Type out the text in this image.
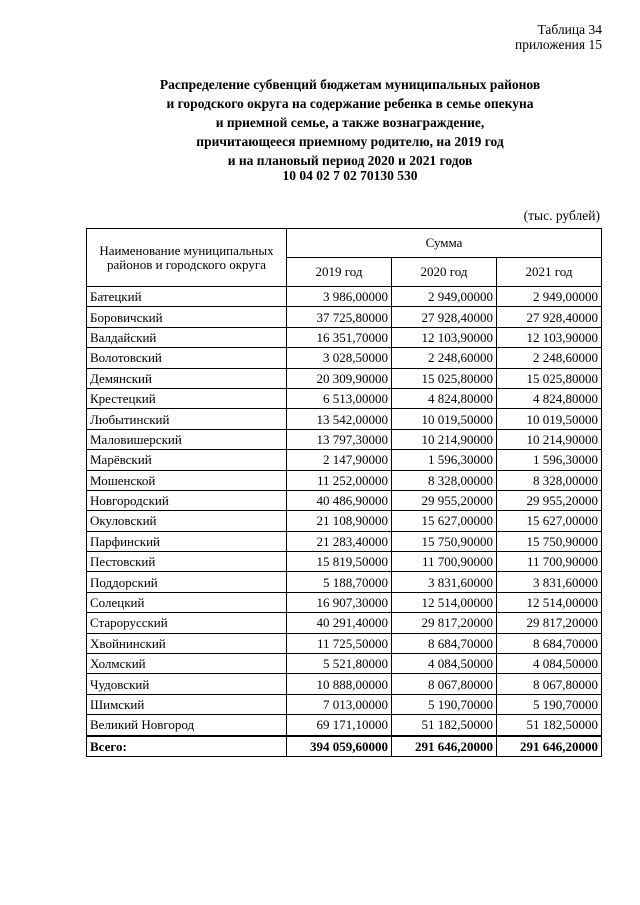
Таблица 34
приложения 15
Распределение субвенций бюджетам муниципальных районов
и городского округа на содержание ребенка в семье опекуна
и приемной семье, а также вознаграждение,
причитающееся приемному родителю, на 2019 год
и на плановый период 2020 и 2021 годов
10 04 02 7 02 70130 530
(тыс. рублей)
Наименование муниципальных районов и городского округа	Сумма		
	2019 год	2020 год	2021 год
Батецкий	3 986,00000	2 949,00000	2 949,00000
Боровичский	37 725,80000	27 928,40000	27 928,40000
Валдайский	16 351,70000	12 103,90000	12 103,90000
Волотовский	3 028,50000	2 248,60000	2 248,60000
Демянский	20 309,90000	15 025,80000	15 025,80000
Крестецкий	6 513,00000	4 824,80000	4 824,80000
Любытинский	13 542,00000	10 019,50000	10 019,50000
Маловишерский	13 797,30000	10 214,90000	10 214,90000
Марёвский	2 147,90000	1 596,30000	1 596,30000
Мошенской	11 252,00000	8 328,00000	8 328,00000
Новгородский	40 486,90000	29 955,20000	29 955,20000
Окуловский	21 108,90000	15 627,00000	15 627,00000
Парфинский	21 283,40000	15 750,90000	15 750,90000
Пестовский	15 819,50000	11 700,90000	11 700,90000
Поддорский	5 188,70000	3 831,60000	3 831,60000
Солецкий	16 907,30000	12 514,00000	12 514,00000
Старорусский	40 291,40000	29 817,20000	29 817,20000
Хвойнинский	11 725,50000	8 684,70000	8 684,70000
Холмский	5 521,80000	4 084,50000	4 084,50000
Чудовский	10 888,00000	8 067,80000	8 067,80000
Шимский	7 013,00000	5 190,70000	5 190,70000
Великий Новгород	69 171,10000	51 182,50000	51 182,50000
Всего:	394 059,60000	291 646,20000	291 646,20000
